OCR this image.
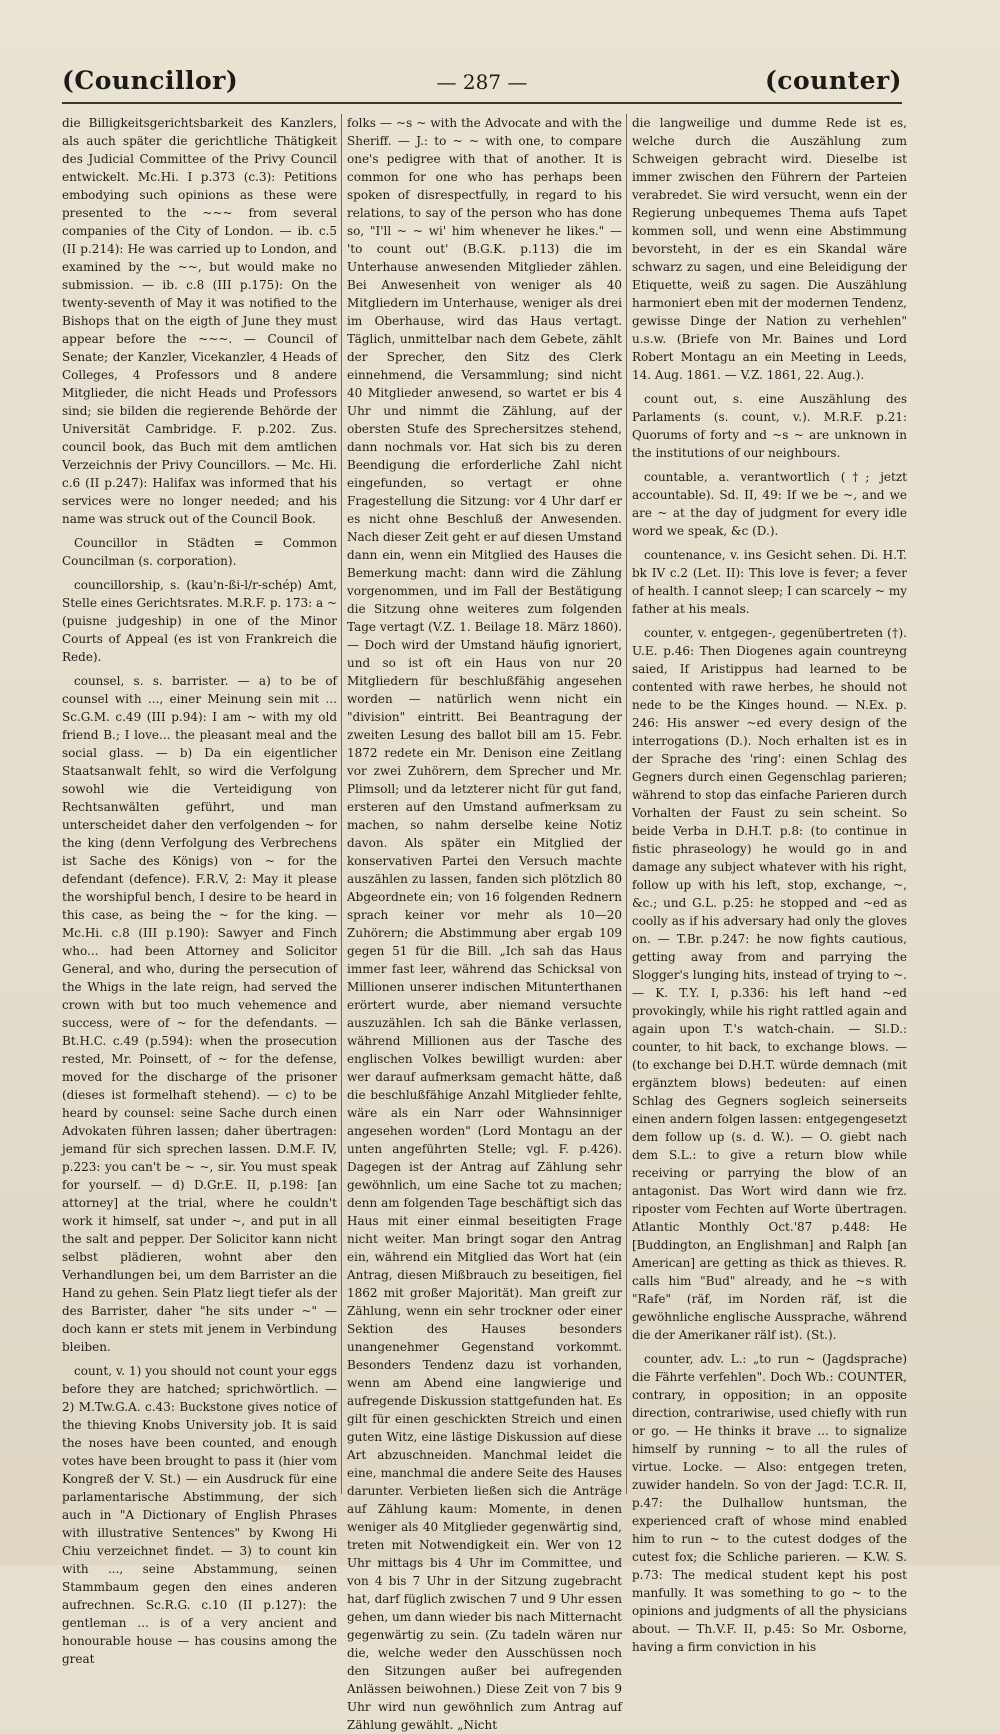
(Councillor)	— 287 —	(counter)

die Billigkeitsgerichtsbarkeit des Kanzlers, als auch später die gerichtliche Thätigkeit des Judicial Committee of the Privy Council entwickelt. Mc.Hi. I p.373 (c.3): Petitions embodying such opinions as these were presented to the ~~~ from several companies of the City of London. — ib. c.5 (II p.214): He was carried up to London, and examined by the ~~, but would make no submission. — ib. c.8 (III p.175): On the twenty-seventh of May it was notified to the Bishops that on the eigth of June they must appear before the ~~~. — Council of Senate; der Kanzler, Vicekanzler, 4 Heads of Colleges, 4 Professors und 8 andere Mitglieder, die nicht Heads und Professors sind; sie bilden die regierende Behörde der Universität Cambridge. F. p.202. Zus. council book, das Buch mit dem amtlichen Verzeichnis der Privy Councillors. — Mc. Hi. c.6 (II p.247): Halifax was informed that his services were no longer needed; and his name was struck out of the Council Book.

Councillor in Städten = Common Councilman (s. corporation).

councillorship, s. (kau'n-ßi-l/r-schép) Amt, Stelle eines Gerichtsrates. M.R.F. p. 173: a ~ (puisne judgeship) in one of the Minor Courts of Appeal (es ist von Frankreich die Rede).

counsel, s. s. barrister. — a) to be of counsel with ..., einer Meinung sein mit ... Sc.G.M. c.49 (III p.94): I am ~ with my old friend B.; I love... the pleasant meal and the social glass. — b) Da ein eigentlicher Staatsanwalt fehlt, so wird die Verfolgung sowohl wie die Verteidigung von Rechtsanwälten geführt, und man unterscheidet daher den verfolgenden ~ for the king (denn Verfolgung des Verbrechens ist Sache des Königs) von ~ for the defendant (defence). F.R.V, 2: May it please the worshipful bench, I desire to be heard in this case, as being the ~ for the king. — Mc.Hi. c.8 (III p.190): Sawyer and Finch who... had been Attorney and Solicitor General, and who, during the persecution of the Whigs in the late reign, had served the crown with but too much vehemence and success, were of ~ for the defendants. — Bt.H.C. c.49 (p.594): when the prosecution rested, Mr. Poinsett, of ~ for the defense, moved for the discharge of the prisoner (dieses ist formelhaft stehend). — c) to be heard by counsel: seine Sache durch einen Advokaten führen lassen; daher übertragen: jemand für sich sprechen lassen. D.M.F. IV, p.223: you can't be ~ ~, sir. You must speak for yourself. — d) D.Gr.E. II, p.198: [an attorney] at the trial, where he couldn't work it himself, sat under ~, and put in all the salt and pepper. Der Solicitor kann nicht selbst plädieren, wohnt aber den Verhandlungen bei, um dem Barrister an die Hand zu gehen. Sein Platz liegt tiefer als der des Barrister, daher "he sits under ~" — doch kann er stets mit jenem in Verbindung bleiben.

count, v. 1) you should not count your eggs before they are hatched; sprichwörtlich. — 2) M.Tw.G.A. c.43: Buckstone gives notice of the thieving Knobs University job. It is said the noses have been counted, and enough votes have been brought to pass it (hier vom Kongreß der V. St.) — ein Ausdruck für eine parlamentarische Abstimmung, der sich auch in "A Dictionary of English Phrases with illustrative Sentences" by Kwong Hi Chiu verzeichnet findet. — 3) to count kin with ..., seine Abstammung, seinen Stammbaum gegen den eines anderen aufrechnen. Sc.R.G. c.10 (II p.127): the gentleman ... is of a very ancient and honourable house — has cousins among the great

folks — ~s ~ with the Advocate and with the Sheriff. — J.: to ~ ~ with one, to compare one's pedigree with that of another. It is common for one who has perhaps been spoken of disrespectfully, in regard to his relations, to say of the person who has done so, "I'll ~ ~ wi' him whenever he likes." — 'to count out' (B.G.K. p.113) die im Unterhause anwesenden Mitglieder zählen. Bei Anwesenheit von weniger als 40 Mitgliedern im Unterhause, weniger als drei im Oberhause, wird das Haus vertagt. Täglich, unmittelbar nach dem Gebete, zählt der Sprecher, den Sitz des Clerk einnehmend, die Versammlung; sind nicht 40 Mitglieder anwesend, so wartet er bis 4 Uhr und nimmt die Zählung, auf der obersten Stufe des Sprechersitzes stehend, dann nochmals vor. Hat sich bis zu deren Beendigung die erforderliche Zahl nicht eingefunden, so vertagt er ohne Fragestellung die Sitzung: vor 4 Uhr darf er es nicht ohne Beschluß der Anwesenden. Nach dieser Zeit geht er auf diesen Umstand dann ein, wenn ein Mitglied des Hauses die Bemerkung macht: dann wird die Zählung vorgenommen, und im Fall der Bestätigung die Sitzung ohne weiteres zum folgenden Tage vertagt (V.Z. 1. Beilage 18. März 1860). — Doch wird der Umstand häufig ignoriert, und so ist oft ein Haus von nur 20 Mitgliedern für beschlußfähig angesehen worden — natürlich wenn nicht ein "division" eintritt. Bei Beantragung der zweiten Lesung des ballot bill am 15. Febr. 1872 redete ein Mr. Denison eine Zeitlang vor zwei Zuhörern, dem Sprecher und Mr. Plimsoll; und da letzterer nicht für gut fand, ersteren auf den Umstand aufmerksam zu machen, so nahm derselbe keine Notiz davon. Als später ein Mitglied der konservativen Partei den Versuch machte auszählen zu lassen, fanden sich plötzlich 80 Abgeordnete ein; von 16 folgenden Rednern sprach keiner vor mehr als 10—20 Zuhörern; die Abstimmung aber ergab 109 gegen 51 für die Bill. „Ich sah das Haus immer fast leer, während das Schicksal von Millionen unserer indischen Mitunterthanen erörtert wurde, aber niemand versuchte auszuzählen. Ich sah die Bänke verlassen, während Millionen aus der Tasche des englischen Volkes bewilligt wurden: aber wer darauf aufmerksam gemacht hätte, daß die beschlußfähige Anzahl Mitglieder fehlte, wäre als ein Narr oder Wahnsinniger angesehen worden" (Lord Montagu an der unten angeführten Stelle; vgl. F. p.426). Dagegen ist der Antrag auf Zählung sehr gewöhnlich, um eine Sache tot zu machen; denn am folgenden Tage beschäftigt sich das Haus mit einer einmal beseitigten Frage nicht weiter. Man bringt sogar den Antrag ein, während ein Mitglied das Wort hat (ein Antrag, diesen Mißbrauch zu beseitigen, fiel 1862 mit großer Majorität). Man greift zur Zählung, wenn ein sehr trockner oder einer Sektion des Hauses besonders unangenehmer Gegenstand vorkommt. Besonders Tendenz dazu ist vorhanden, wenn am Abend eine langwierige und aufregende Diskussion stattgefunden hat. Es gilt für einen geschickten Streich und einen guten Witz, eine lästige Diskussion auf diese Art abzuschneiden. Manchmal leidet die eine, manchmal die andere Seite des Hauses darunter. Verbieten ließen sich die Anträge auf Zählung kaum: Momente, in denen weniger als 40 Mitglieder gegenwärtig sind, treten mit Notwendigkeit ein. Wer von 12 Uhr mittags bis 4 Uhr im Committee, und von 4 bis 7 Uhr in der Sitzung zugebracht hat, darf füglich zwischen 7 und 9 Uhr essen gehen, um dann wieder bis nach Mitternacht gegenwärtig zu sein. (Zu tadeln wären nur die, welche weder den Ausschüssen noch den Sitzungen außer bei aufregenden Anlässen beiwohnen.) Diese Zeit von 7 bis 9 Uhr wird nun gewöhnlich zum Antrag auf Zählung gewählt. „Nicht

die langweilige und dumme Rede ist es, welche durch die Auszählung zum Schweigen gebracht wird. Dieselbe ist immer zwischen den Führern der Parteien verabredet. Sie wird versucht, wenn ein der Regierung unbequemes Thema aufs Tapet kommen soll, und wenn eine Abstimmung bevorsteht, in der es ein Skandal wäre schwarz zu sagen, und eine Beleidigung der Etiquette, weiß zu sagen. Die Auszählung harmoniert eben mit der modernen Tendenz, gewisse Dinge der Nation zu verhehlen" u.s.w. (Briefe von Mr. Baines und Lord Robert Montagu an ein Meeting in Leeds, 14. Aug. 1861. — V.Z. 1861, 22. Aug.).

count out, s. eine Auszählung des Parlaments (s. count, v.). M.R.F. p.21: Quorums of forty and ~s ~ are unknown in the institutions of our neighbours.

countable, a. verantwortlich (†; jetzt accountable). Sd. II, 49: If we be ~, and we are ~ at the day of judgment for every idle word we speak, &c (D.).

countenance, v. ins Gesicht sehen. Di. H.T. bk IV c.2 (Let. II): This love is fever; a fever of health. I cannot sleep; I can scarcely ~ my father at his meals.

counter, v. entgegen-, gegenübertreten (†). U.E. p.46: Then Diogenes again countreyng saied, If Aristippus had learned to be contented with rawe herbes, he should not nede to be the Kinges hound. — N.Ex. p. 246: His answer ~ed every design of the interrogations (D.). Noch erhalten ist es in der Sprache des 'ring': einen Schlag des Gegners durch einen Gegenschlag parieren; während to stop das einfache Parieren durch Vorhalten der Faust zu sein scheint. So beide Verba in D.H.T. p.8: (to continue in fistic phraseology) he would go in and damage any subject whatever with his right, follow up with his left, stop, exchange, ~, &c.; und G.L. p.25: he stopped and ~ed as coolly as if his adversary had only the gloves on. — T.Br. p.247: he now fights cautious, getting away from and parrying the Slogger's lunging hits, instead of trying to ~. — K. T.Y. I, p.336: his left hand ~ed provokingly, while his right rattled again and again upon T.'s watch-chain. — Sl.D.: counter, to hit back, to exchange blows. — (to exchange bei D.H.T. würde demnach (mit ergänztem blows) bedeuten: auf einen Schlag des Gegners sogleich seinerseits einen andern folgen lassen: entgegengesetzt dem follow up (s. d. W.). — O. giebt nach dem S.L.: to give a return blow while receiving or parrying the blow of an antagonist. Das Wort wird dann wie frz. riposter vom Fechten auf Worte übertragen. Atlantic Monthly Oct.'87 p.448: He [Buddington, an Englishman] and Ralph [an American] are getting as thick as thieves. R. calls him "Bud" already, and he ~s with "Rafe" (räf, im Norden räf, ist die gewöhnliche englische Aussprache, während die der Amerikaner rälf ist). (St.).

counter, adv. L.: „to run ~ (Jagdsprache) die Fährte verfehlen". Doch Wb.: COUNTER, contrary, in opposition; in an opposite direction, contrariwise, used chiefly with run or go. — He thinks it brave ... to signalize himself by running ~ to all the rules of virtue. Locke. — Also: entgegen treten, zuwider handeln. So von der Jagd: T.C.R. II, p.47: the Dulhallow huntsman, the experienced craft of whose mind enabled him to run ~ to the cutest dodges of the cutest fox; die Schliche parieren. — K.W. S. p.73: The medical student kept his post manfully. It was something to go ~ to the opinions and judgments of all the physicians about. — Th.V.F. II, p.45: So Mr. Osborne, having a firm conviction in his
